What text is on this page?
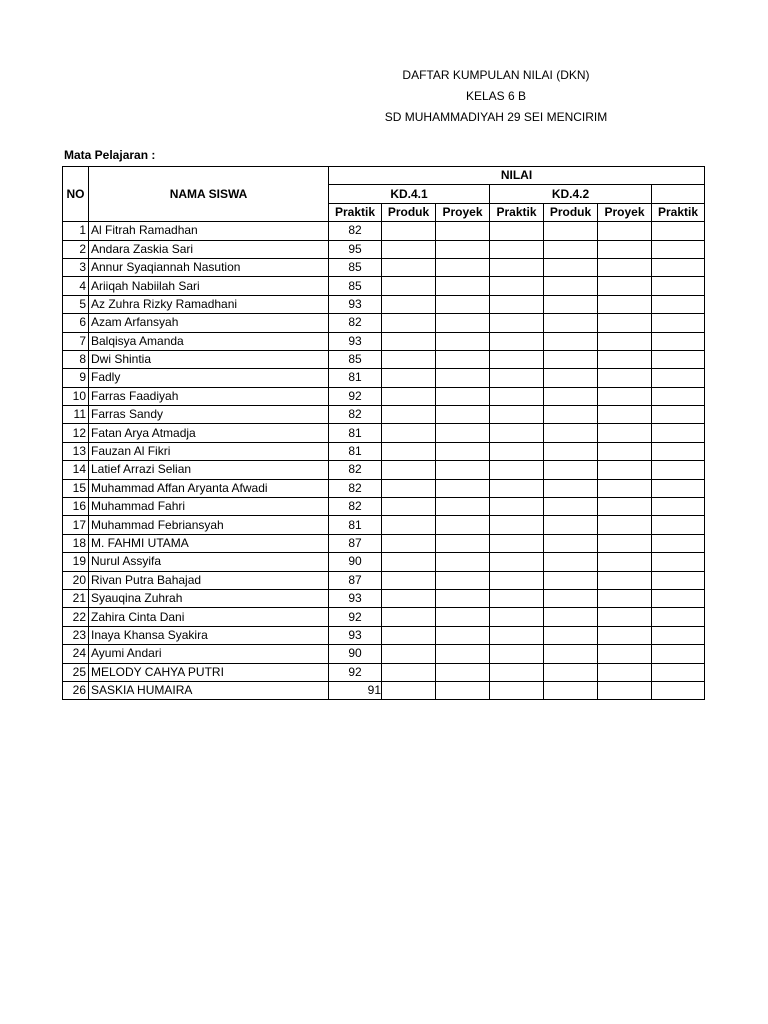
DAFTAR KUMPULAN NILAI (DKN)
KELAS 6 B
SD MUHAMMADIYAH 29 SEI MENCIRIM
Mata Pelajaran :
NO	NAMA SISWA	NILAI						
		KD.4.1			KD.4.2			
		Praktik	Produk	Proyek	Praktik	Produk	Proyek	Praktik
1	Al Fitrah Ramadhan	82						
2	Andara Zaskia Sari	95						
3	Annur Syaqiannah Nasution	85						
4	Ariiqah Nabiilah Sari	85						
5	Az Zuhra Rizky Ramadhani	93						
6	Azam Arfansyah	82						
7	Balqisya Amanda	93						
8	Dwi Shintia	85						
9	Fadly	81						
10	Farras Faadiyah	92						
11	Farras Sandy	82						
12	Fatan Arya Atmadja	81						
13	Fauzan Al Fikri	81						
14	Latief Arrazi Selian	82						
15	Muhammad Affan Aryanta Afwadi	82						
16	Muhammad Fahri	82						
17	Muhammad Febriansyah	81						
18	M. FAHMI UTAMA	87						
19	Nurul Assyifa	90						
20	Rivan Putra Bahajad	87						
21	Syauqina Zuhrah	93						
22	Zahira Cinta Dani	92						
23	Inaya Khansa Syakira	93						
24	Ayumi Andari	90						
25	MELODY CAHYA PUTRI	92						
26	SASKIA HUMAIRA	91						
